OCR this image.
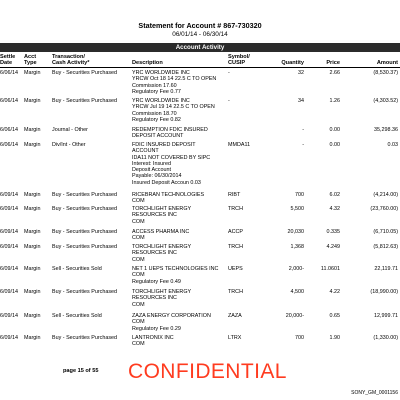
Statement for Account # 867-730320
06/01/14 - 06/30/14
Account Activity
Settle
Date
Acct
Type
Transaction/
Cash Activity*	Description
Symbol/
CUSIP	Quantity	Price	Amount
6/06/14 Margin Buy - Securities Purchased	YRC WORLDWIDE INC
YRCW Oct 18 14 22.5 C TO OPEN
Commission 17.60
Regulatory Fee 0.77
-	32	2.66	(8,530.37)
6/06/14 Margin Buy - Securities Purchased	YRC WORLDWIDE INC
YRCW Jul 19 14 22.5 C TO OPEN
Commission 18.70
Regulatory Fee 0.82
-	34	1.26	(4,303.52)
6/06/14 Margin Journal - Other	REDEMPTION FDIC INSURED
DEPOSIT ACCOUNT
-	0.00	35,298.36
6/06/14 Margin Div/Int - Other	FDIC INSURED DEPOSIT
ACCOUNT
IDA11 NOT COVERED BY SIPC
Interest: Insured
Deposit Account
Payable: 06/30/2014
Insured Deposit Accoun 0.03
MMDA11	-	0.00	0.03
6/09/14 Margin Buy - Securities Purchased	RICEBRAN TECHNOLOGIES
COM
RIBT	700	6.02	(4,214.00)
6/09/14 Margin Buy - Securities Purchased	TORCHLIGHT ENERGY
RESOURCES INC
COM
TRCH	5,500	4.32	(23,760.00)
6/09/14 Margin Buy - Securities Purchased	ACCESS PHARMA INC
COM
ACCP	20,030	0.335	(6,710.05)
6/09/14 Margin Buy - Securities Purchased	TORCHLIGHT ENERGY
RESOURCES INC
COM
TRCH	1,368	4.249	(5,812.63)
6/09/14 Margin Sell - Securities Sold	NET 1 UEPS TECHNOLOGIES INC
COM
Regulatory Fee 0.49
UEPS	2,000-	11.0601	22,119.71
6/09/14 Margin Buy - Securities Purchased	TORCHLIGHT ENERGY
RESOURCES INC
COM
TRCH	4,500	4.22	(18,990.00)
6/09/14 Margin Sell - Securities Sold	ZAZA ENERGY CORPORATION
COM
Regulatory Fee 0.29
ZAZA	20,000-	0.65	12,999.71
6/09/14 Margin Buy - Securities Purchased	LANTRONIX INC
COM
LTRX	700	1.90	(1,330.00)
page 15 of 55 CONFIDENTIAL
SONY_GM_0001156
